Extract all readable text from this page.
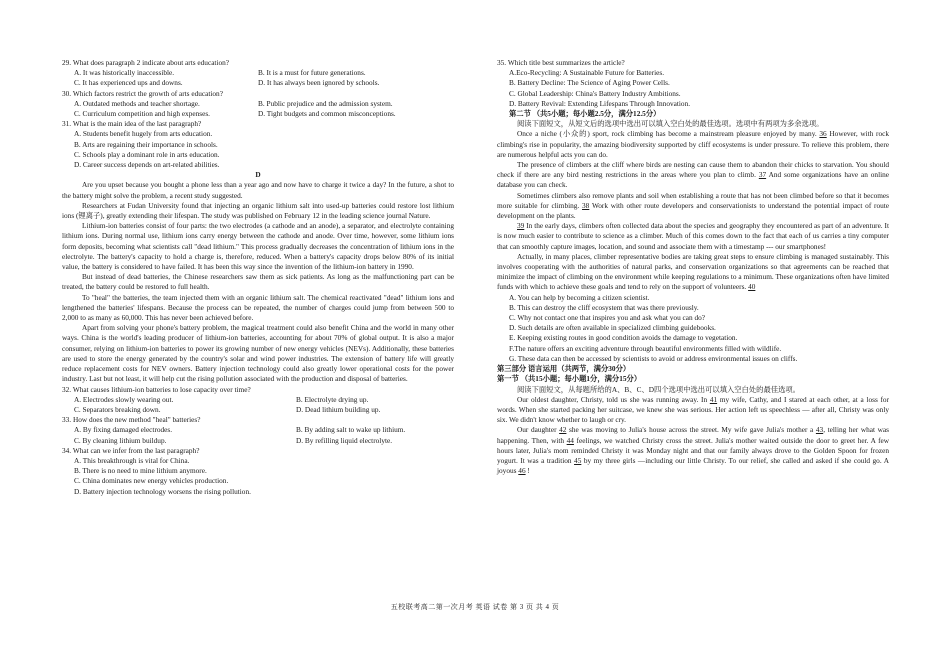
29. What does paragraph 2 indicate about arts education?

A. It was historically inaccessible.	B. It is a must for future generations.
C. It has experienced ups and downs.	D. It has always been ignored by schools.

30. Which factors restrict the growth of arts education?

A. Outdated methods and teacher shortage.	B. Public prejudice and the admission system.
C. Curriculum competition and high expenses.	D. Tight budgets and common misconceptions.

31. What is the main idea of the last paragraph?

A. Students benefit hugely from arts education.

B. Arts are regaining their importance in schools.

C. Schools play a dominant role in arts education.

D. Career success depends on art-related abilities.

D

Are you upset because you bought a phone less than a year ago and now have to charge it twice a day? In the future, a shot to the battery might solve the problem, a recent study suggested.

Researchers at Fudan University found that injecting an organic lithium salt into used-up batteries could restore lost lithium ions (锂离子), greatly extending their lifespan. The study was published on February 12 in the leading science journal Nature.

Lithium-ion batteries consist of four parts: the two electrodes (a cathode and an anode), a separator, and electrolyte containing lithium ions. During normal use, lithium ions carry energy between the cathode and anode. Over time, however, some lithium ions form deposits, becoming what scientists call "dead lithium." This process gradually decreases the concentration of lithium ions in the electrolyte. The battery's capacity to hold a charge is, therefore, reduced. When a battery's capacity drops below 80% of its initial value, the battery is considered to have failed. It has been this way since the invention of the lithium-ion battery in 1990.

But instead of dead batteries, the Chinese researchers saw them as sick patients. As long as the malfunctioning part can be treated, the battery could be restored to full health.

To "heal" the batteries, the team injected them with an organic lithium salt. The chemical reactivated "dead" lithium ions and lengthened the batteries' lifespans. Because the process can be repeated, the number of charges could jump from between 500 to 2,000 to as many as 60,000. This has never been achieved before.

Apart from solving your phone's battery problem, the magical treatment could also benefit China and the world in many other ways. China is the world's leading producer of lithium-ion batteries, accounting for about 70% of global output. It is also a major consumer, relying on lithium-ion batteries to power its growing number of new energy vehicles (NEVs). Additionally, these batteries are used to store the energy generated by the country's solar and wind power industries. The extension of battery life will greatly reduce replacement costs for NEV owners. Battery injection technology could also greatly lower operational costs for the power industry. Last but not least, it will help cut the rising pollution associated with the production and disposal of batteries.

32. What causes lithium-ion batteries to lose capacity over time?

A. Electrodes slowly wearing out.	B. Electrolyte drying up.
C. Separators breaking down.	D. Dead lithium building up.

33. How does the new method "heal" batteries?

A. By fixing damaged electrodes.	B. By adding salt to wake up lithium.
C. By cleaning lithium buildup.	D. By refilling liquid electrolyte.

34. What can we infer from the last paragraph?

A. This breakthrough is vital for China.

B. There is no need to mine lithium anymore.

C. China dominates new energy vehicles production.

D. Battery injection technology worsens the rising pollution.

35. Which title best summarizes the article?

A.Eco-Recycling: A Sustainable Future for Batteries.

B. Battery Decline: The Science of Aging Power Cells.

C. Global Leadership: China's Battery Industry Ambitions.

D. Battery Revival: Extending Lifespans Through Innovation.

第二节 （共5小题；每小题2.5分，满分12.5分）

阅读下面短文，从短文后的选项中选出可以填入空白处的最佳选项。选项中有两项为多余选项。

Once a niche (小众的) sport, rock climbing has become a mainstream pleasure enjoyed by many. 36 However, with rock climbing's rise in popularity, the amazing biodiversity supported by cliff ecosystems is under pressure. To relieve this problem, there are numerous helpful acts you can do.

The presence of climbers at the cliff where birds are nesting can cause them to abandon their chicks to starvation. You should check if there are any bird nesting restrictions in the areas where you plan to climb. 37 And some organizations have an online database you can check.

Sometimes climbers also remove plants and soil when establishing a route that has not been climbed before so that it becomes more suitable for climbing. 38 Work with other route developers and conservationists to understand the potential impact of route development on the plants.

39 In the early days, climbers often collected data about the species and geography they encountered as part of an adventure. It is now much easier to contribute to science as a climber. Much of this comes down to the fact that each of us carries a tiny computer that can smoothly capture images, location, and sound and associate them with a timestamp --- our smartphones!

Actually, in many places, climber representative bodies are taking great steps to ensure climbing is managed sustainably. This involves cooperating with the authorities of natural parks, and conservation organizations so that agreements can be reached that minimize the impact of climbing on the environment while keeping regulations to a minimum. These organizations often have limited funds with which to achieve these goals and tend to rely on the support of volunteers. 40

A. You can help by becoming a citizen scientist.

B. This can destroy the cliff ecosystem that was there previously.

C. Why not contact one that inspires you and ask what you can do?

D. Such details are often available in specialized climbing guidebooks.

E. Keeping existing routes in good condition avoids the damage to vegetation.

F.The nature offers an exciting adventure through beautiful environments filled with wildlife.

G. These data can then be accessed by scientists to avoid or address environmental issues on cliffs.

第三部分 语言运用（共两节，满分30分）

第一节 （共15小题；每小题1分，满分15分）

阅读下面短文，从每题所给的A、B、C、D四个选项中选出可以填入空白处的最佳选项。

Our oldest daughter, Christy, told us she was running away. In 41 my wife, Cathy, and I stared at each other, at a loss for words. When she started packing her suitcase, we knew she was serious. Her action left us speechless — after all, Christy was only six. We didn't know whether to laugh or cry.

Our daughter 42 she was moving to Julia's house across the street. My wife gave Julia's mother a 43, telling her what was happening. Then, with 44 feelings, we watched Christy cross the street. Julia's mother waited outside the door to greet her. A few hours later, Julia's mom reminded Christy it was Monday night and that our family always drove to the Golden Spoon for frozen yogurt. It was a tradition 45 by my three girls —including our little Christy. To our relief, she called and asked if she could go. A joyous 46 !

五校联考高二第一次月考 英语 试卷 第 3 页 共 4 页
